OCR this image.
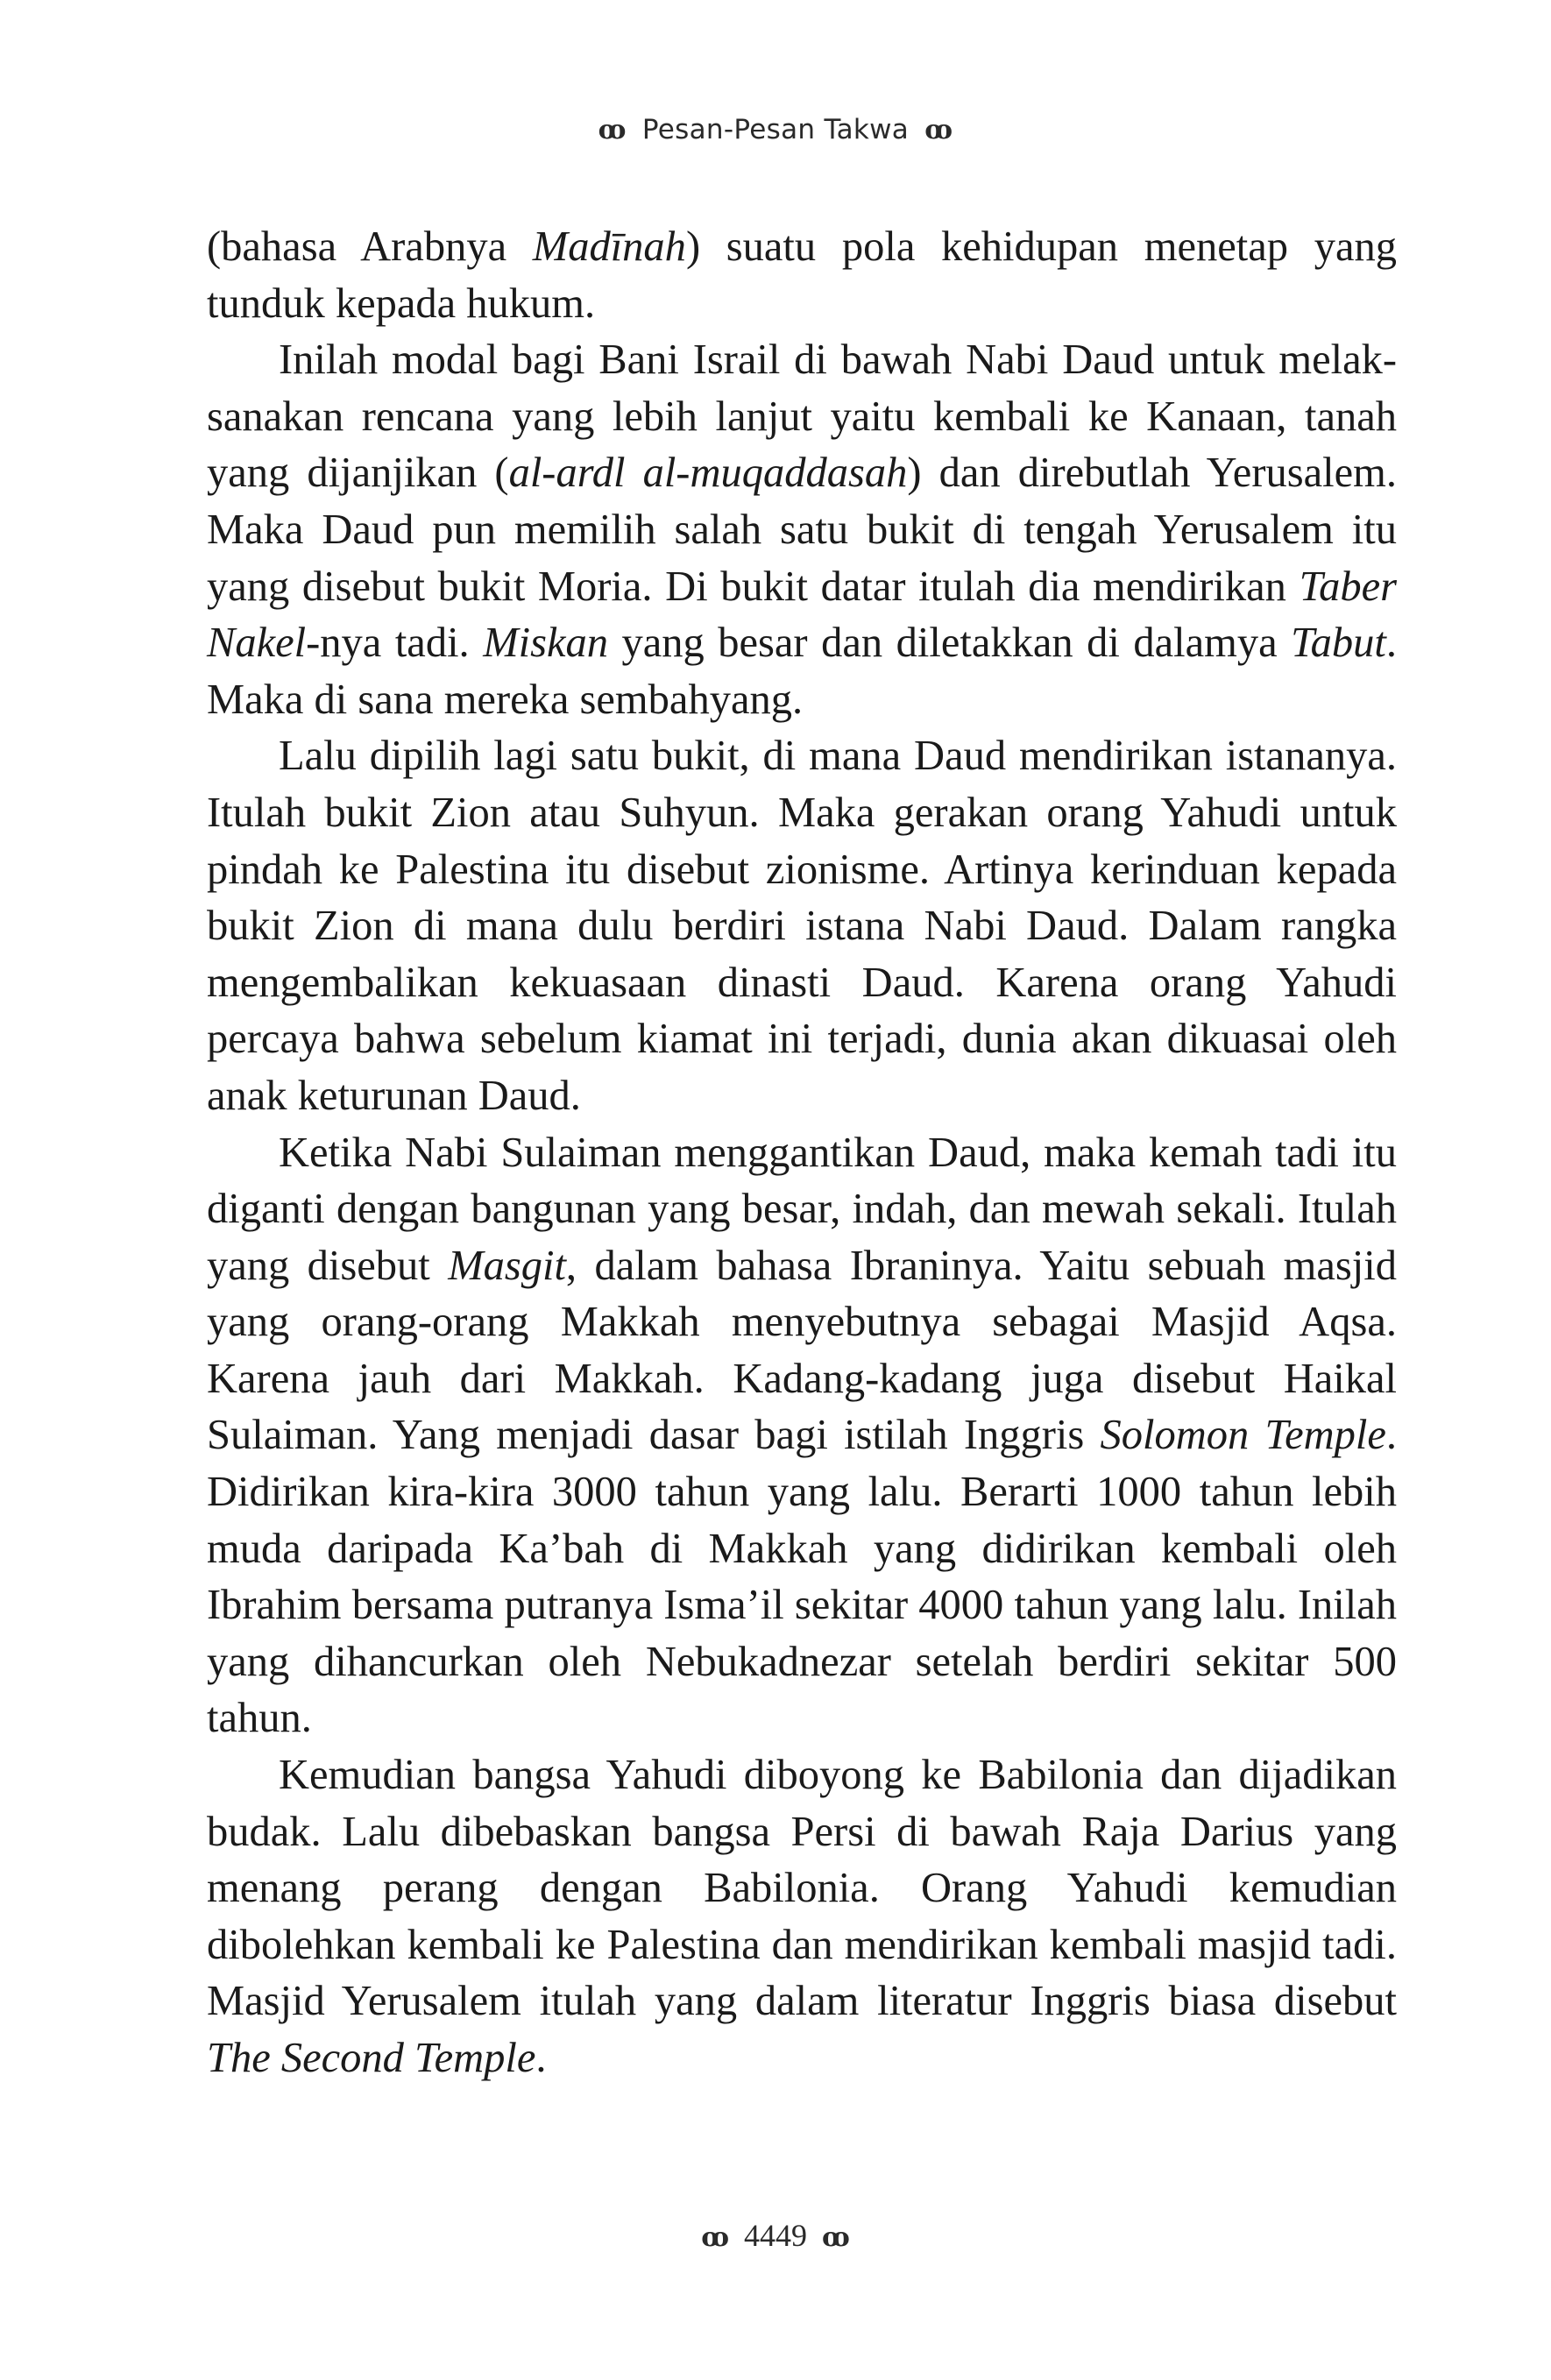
ꝏ Pesan-Pesan Takwa ꝏ

(bahasa Arabnya Madīnah) suatu pola kehidupan menetap yang tunduk kepada hukum.

Inilah modal bagi Bani Israil di bawah Nabi Daud untuk melaksanakan rencana yang lebih lanjut yaitu kembali ke Kanaan, tanah yang dijanjikan (al-ardl al-muqaddasah) dan direbutlah Yerusalem. Maka Daud pun memilih salah satu bukit di tengah Yerusalem itu yang disebut bukit Moria. Di bukit datar itulah dia mendirikan Taber Nakel-nya tadi. Miskan yang besar dan diletakkan di dalamya Tabut. Maka di sana mereka sembahyang.

Lalu dipilih lagi satu bukit, di mana Daud mendirikan istananya. Itulah bukit Zion atau Suhyun. Maka gerakan orang Yahudi untuk pindah ke Palestina itu disebut zionisme. Artinya kerinduan kepada bukit Zion di mana dulu berdiri istana Nabi Daud. Dalam rangka mengembalikan kekuasaan dinasti Daud. Karena orang Yahudi percaya bahwa sebelum kiamat ini terjadi, dunia akan dikuasai oleh anak keturunan Daud.

Ketika Nabi Sulaiman menggantikan Daud, maka kemah tadi itu diganti dengan bangunan yang besar, indah, dan mewah sekali. Itulah yang disebut Masgit, dalam bahasa Ibraninya. Yaitu sebuah masjid yang orang-orang Makkah menyebutnya sebagai Masjid Aqsa. Karena jauh dari Makkah. Kadang-kadang juga disebut Haikal Sulaiman. Yang menjadi dasar bagi istilah Inggris Solomon Temple. Didirikan kira-kira 3000 tahun yang lalu. Berarti 1000 tahun lebih muda daripada Ka’bah di Makkah yang didirikan kembali oleh Ibrahim bersama putranya Isma’il sekitar 4000 tahun yang lalu. Inilah yang dihancurkan oleh Nebukadnezar setelah berdiri sekitar 500 tahun.

Kemudian bangsa Yahudi diboyong ke Babilonia dan dijadikan budak. Lalu dibebaskan bangsa Persi di bawah Raja Darius yang menang perang dengan Babilonia. Orang Yahudi kemudian dibolehkan kembali ke Palestina dan mendirikan kembali masjid tadi. Masjid Yerusalem itulah yang dalam literatur Inggris biasa disebut The Second Temple.

ꝏ 4449 ꝏ
